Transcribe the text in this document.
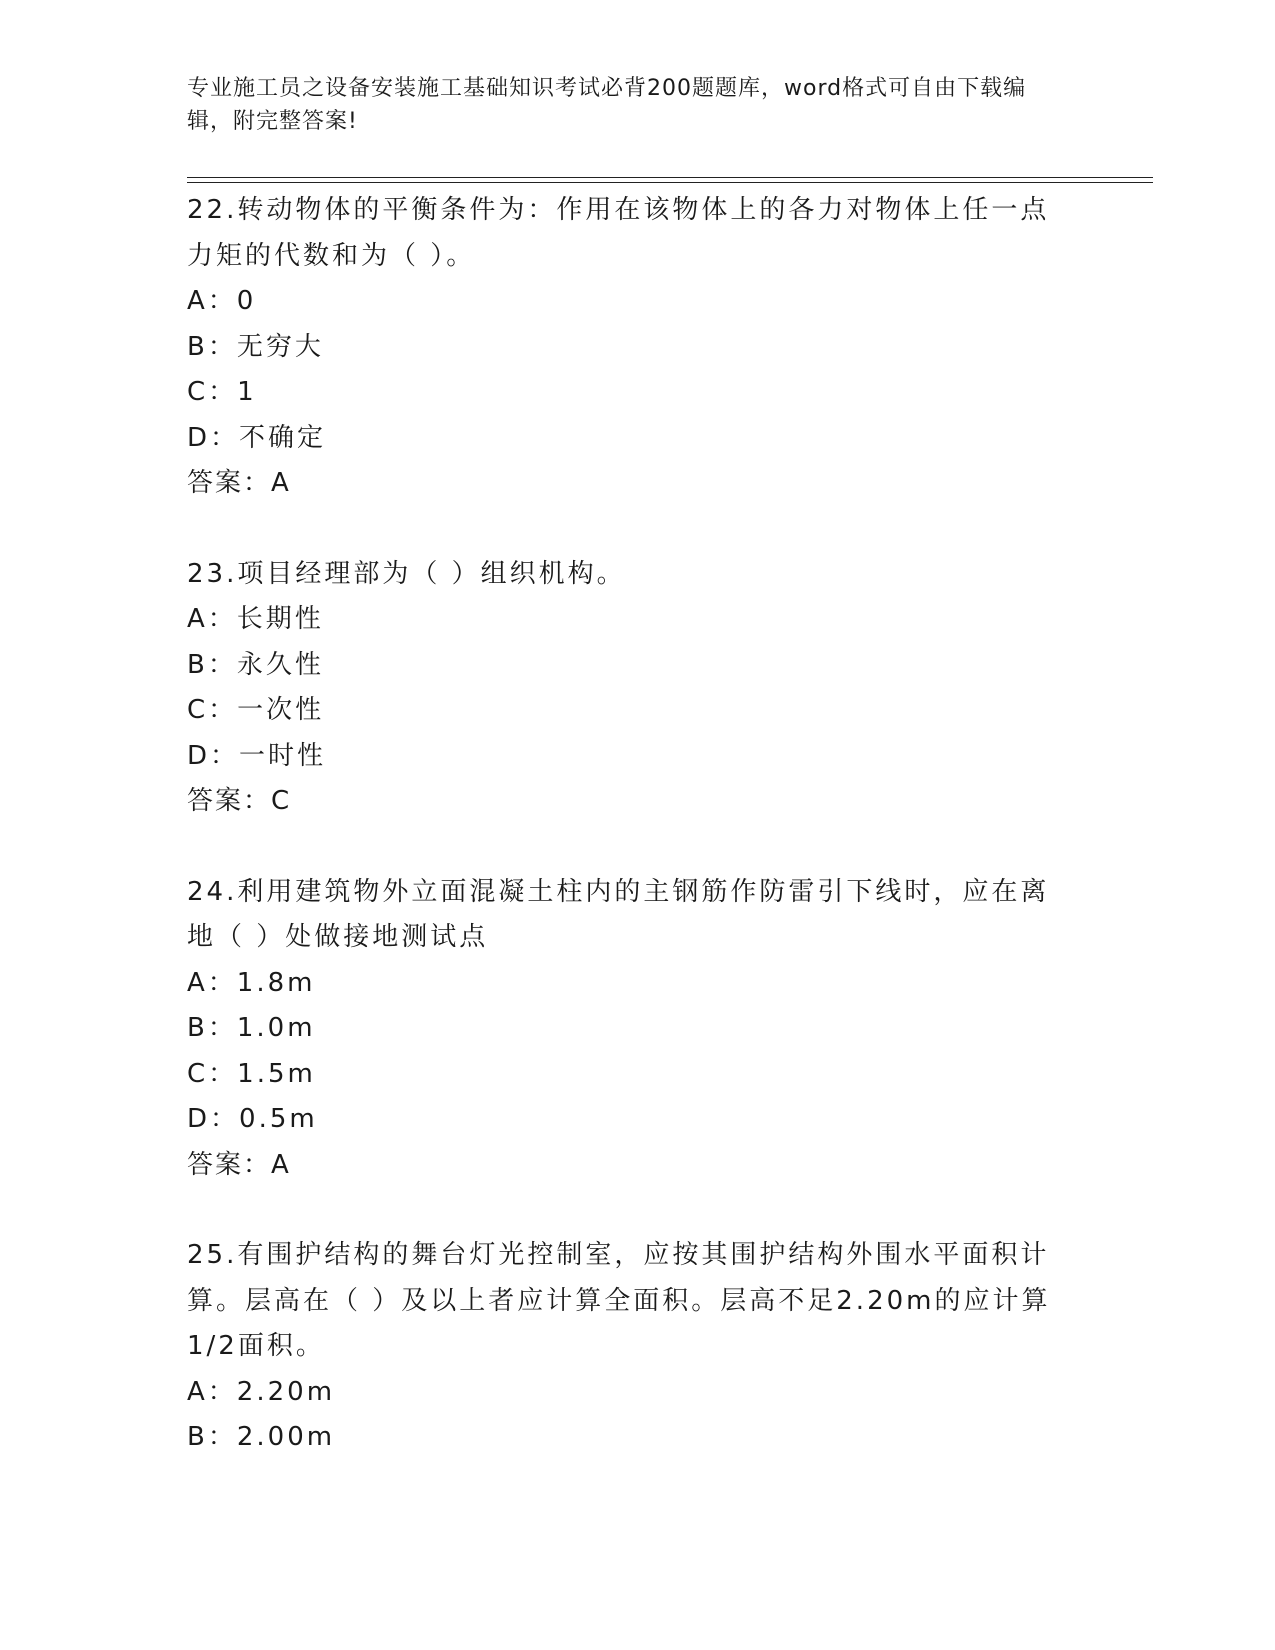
专业施工员之设备安装施工基础知识考试必背200题题库，word格式可自由下载编辑，附完整答案!

22.转动物体的平衡条件为：作用在该物体上的各力对物体上任一点力矩的代数和为（ ）。

A：0

B：无穷大

C：1

D：不确定

答案：A

23.项目经理部为（ ）组织机构。

A：长期性

B：永久性

C：一次性

D：一时性

答案：C

24.利用建筑物外立面混凝土柱内的主钢筋作防雷引下线时，应在离地（ ）处做接地测试点

A：1.8m

B：1.0m

C：1.5m

D：0.5m

答案：A

25.有围护结构的舞台灯光控制室，应按其围护结构外围水平面积计算。层高在（ ）及以上者应计算全面积。层高不足2.20m的应计算1/2面积。

A：2.20m

B：2.00m
